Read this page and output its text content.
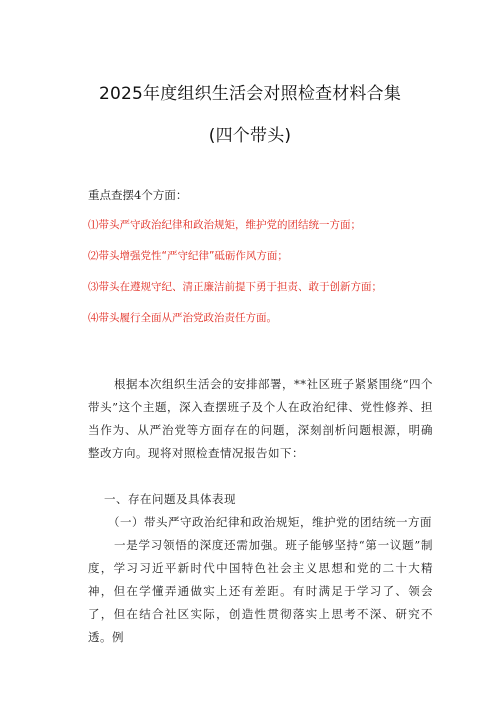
2025年度组织生活会对照检查材料合集
(四个带头)
重点查摆4个方面：
⑴带头严守政治纪律和政治规矩，维护党的团结统一方面；
⑵带头增强党性“严守纪律”砥砺作风方面；
⑶带头在遵规守纪、清正廉洁前提下勇于担责、敢于创新方面；
⑷带头履行全面从严治党政治责任方面。
根据本次组织生活会的安排部署，**社区班子紧紧围绕“四个带头”这个主题，深入查摆班子及个人在政治纪律、党性修养、担当作为、从严治党等方面存在的问题，深刻剖析问题根源，明确整改方向。现将对照检查情况报告如下：
一、存在问题及具体表现
（一）带头严守政治纪律和政治规矩，维护党的团结统一方面
一是学习领悟的深度还需加强。班子能够坚持“第一议题”制度，学习习近平新时代中国特色社会主义思想和党的二十大精神，但在学懂弄通做实上还有差距。有时满足于学习了、领会了，但在结合社区实际，创造性贯彻落实上思考不深、研究不透。例
